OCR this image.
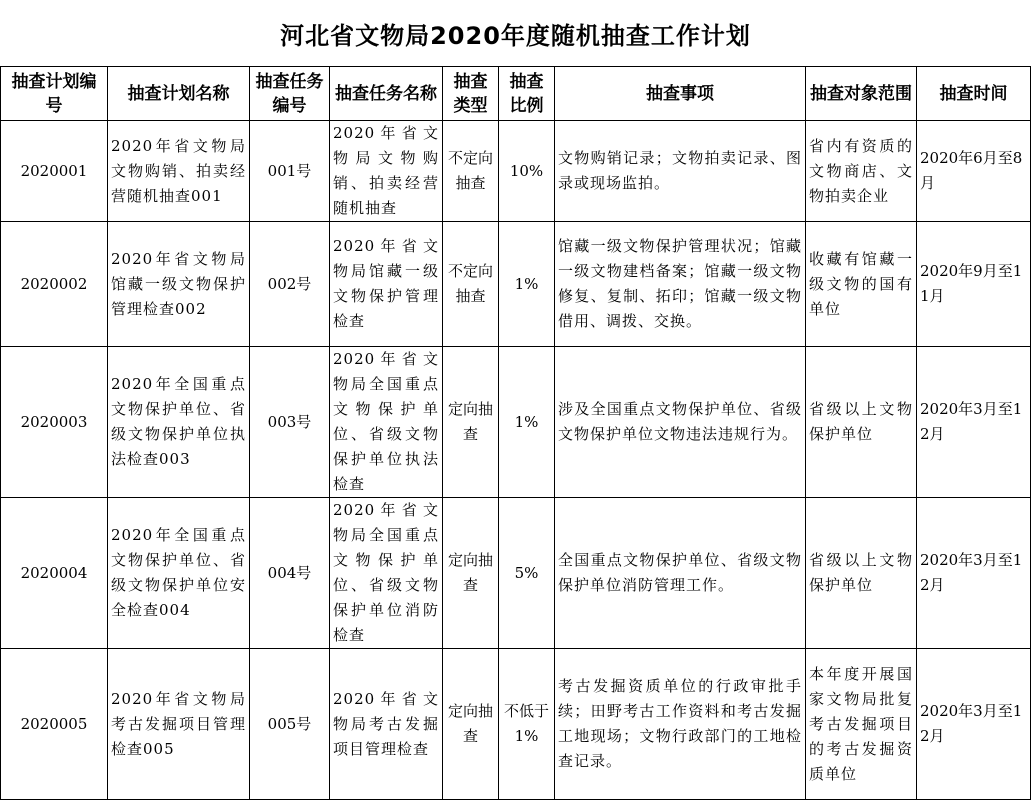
河北省文物局2020年度随机抽查工作计划
抽查计划编号	抽查计划名称	抽查任务编号	抽查任务名称	抽查类型	抽查比例	抽查事项	抽查对象范围	抽查时间
2020001	2020年省文物局文物购销、拍卖经营随机抽查001	001号	2020年省文物局文物购销、拍卖经营随机抽查	不定向抽查	10%	文物购销记录；文物拍卖记录、图录或现场监拍。	省内有资质的文物商店、文物拍卖企业	2020年6月至8月
2020002	2020年省文物局馆藏一级文物保护管理检查002	002号	2020年省文物局馆藏一级文物保护管理检查	不定向抽查	1%	馆藏一级文物保护管理状况；馆藏一级文物建档备案；馆藏一级文物修复、复制、拓印；馆藏一级文物借用、调拨、交换。	收藏有馆藏一级文物的国有单位	2020年9月至11月
2020003	2020年全国重点文物保护单位、省级文物保护单位执法检查003	003号	2020年省文物局全国重点文物保护单位、省级文物保护单位执法检查	定向抽查	1%	涉及全国重点文物保护单位、省级文物保护单位文物违法违规行为。	省级以上文物保护单位	2020年3月至12月
2020004	2020年全国重点文物保护单位、省级文物保护单位安全检查004	004号	2020年省文物局全国重点文物保护单位、省级文物保护单位消防检查	定向抽查	5%	全国重点文物保护单位、省级文物保护单位消防管理工作。	省级以上文物保护单位	2020年3月至12月
2020005	2020年省文物局考古发掘项目管理检查005	005号	2020年省文物局考古发掘项目管理检查	定向抽查	不低于1%	考古发掘资质单位的行政审批手续；田野考古工作资料和考古发掘工地现场；文物行政部门的工地检查记录。	本年度开展国家文物局批复考古发掘项目的考古发掘资质单位	2020年3月至12月
